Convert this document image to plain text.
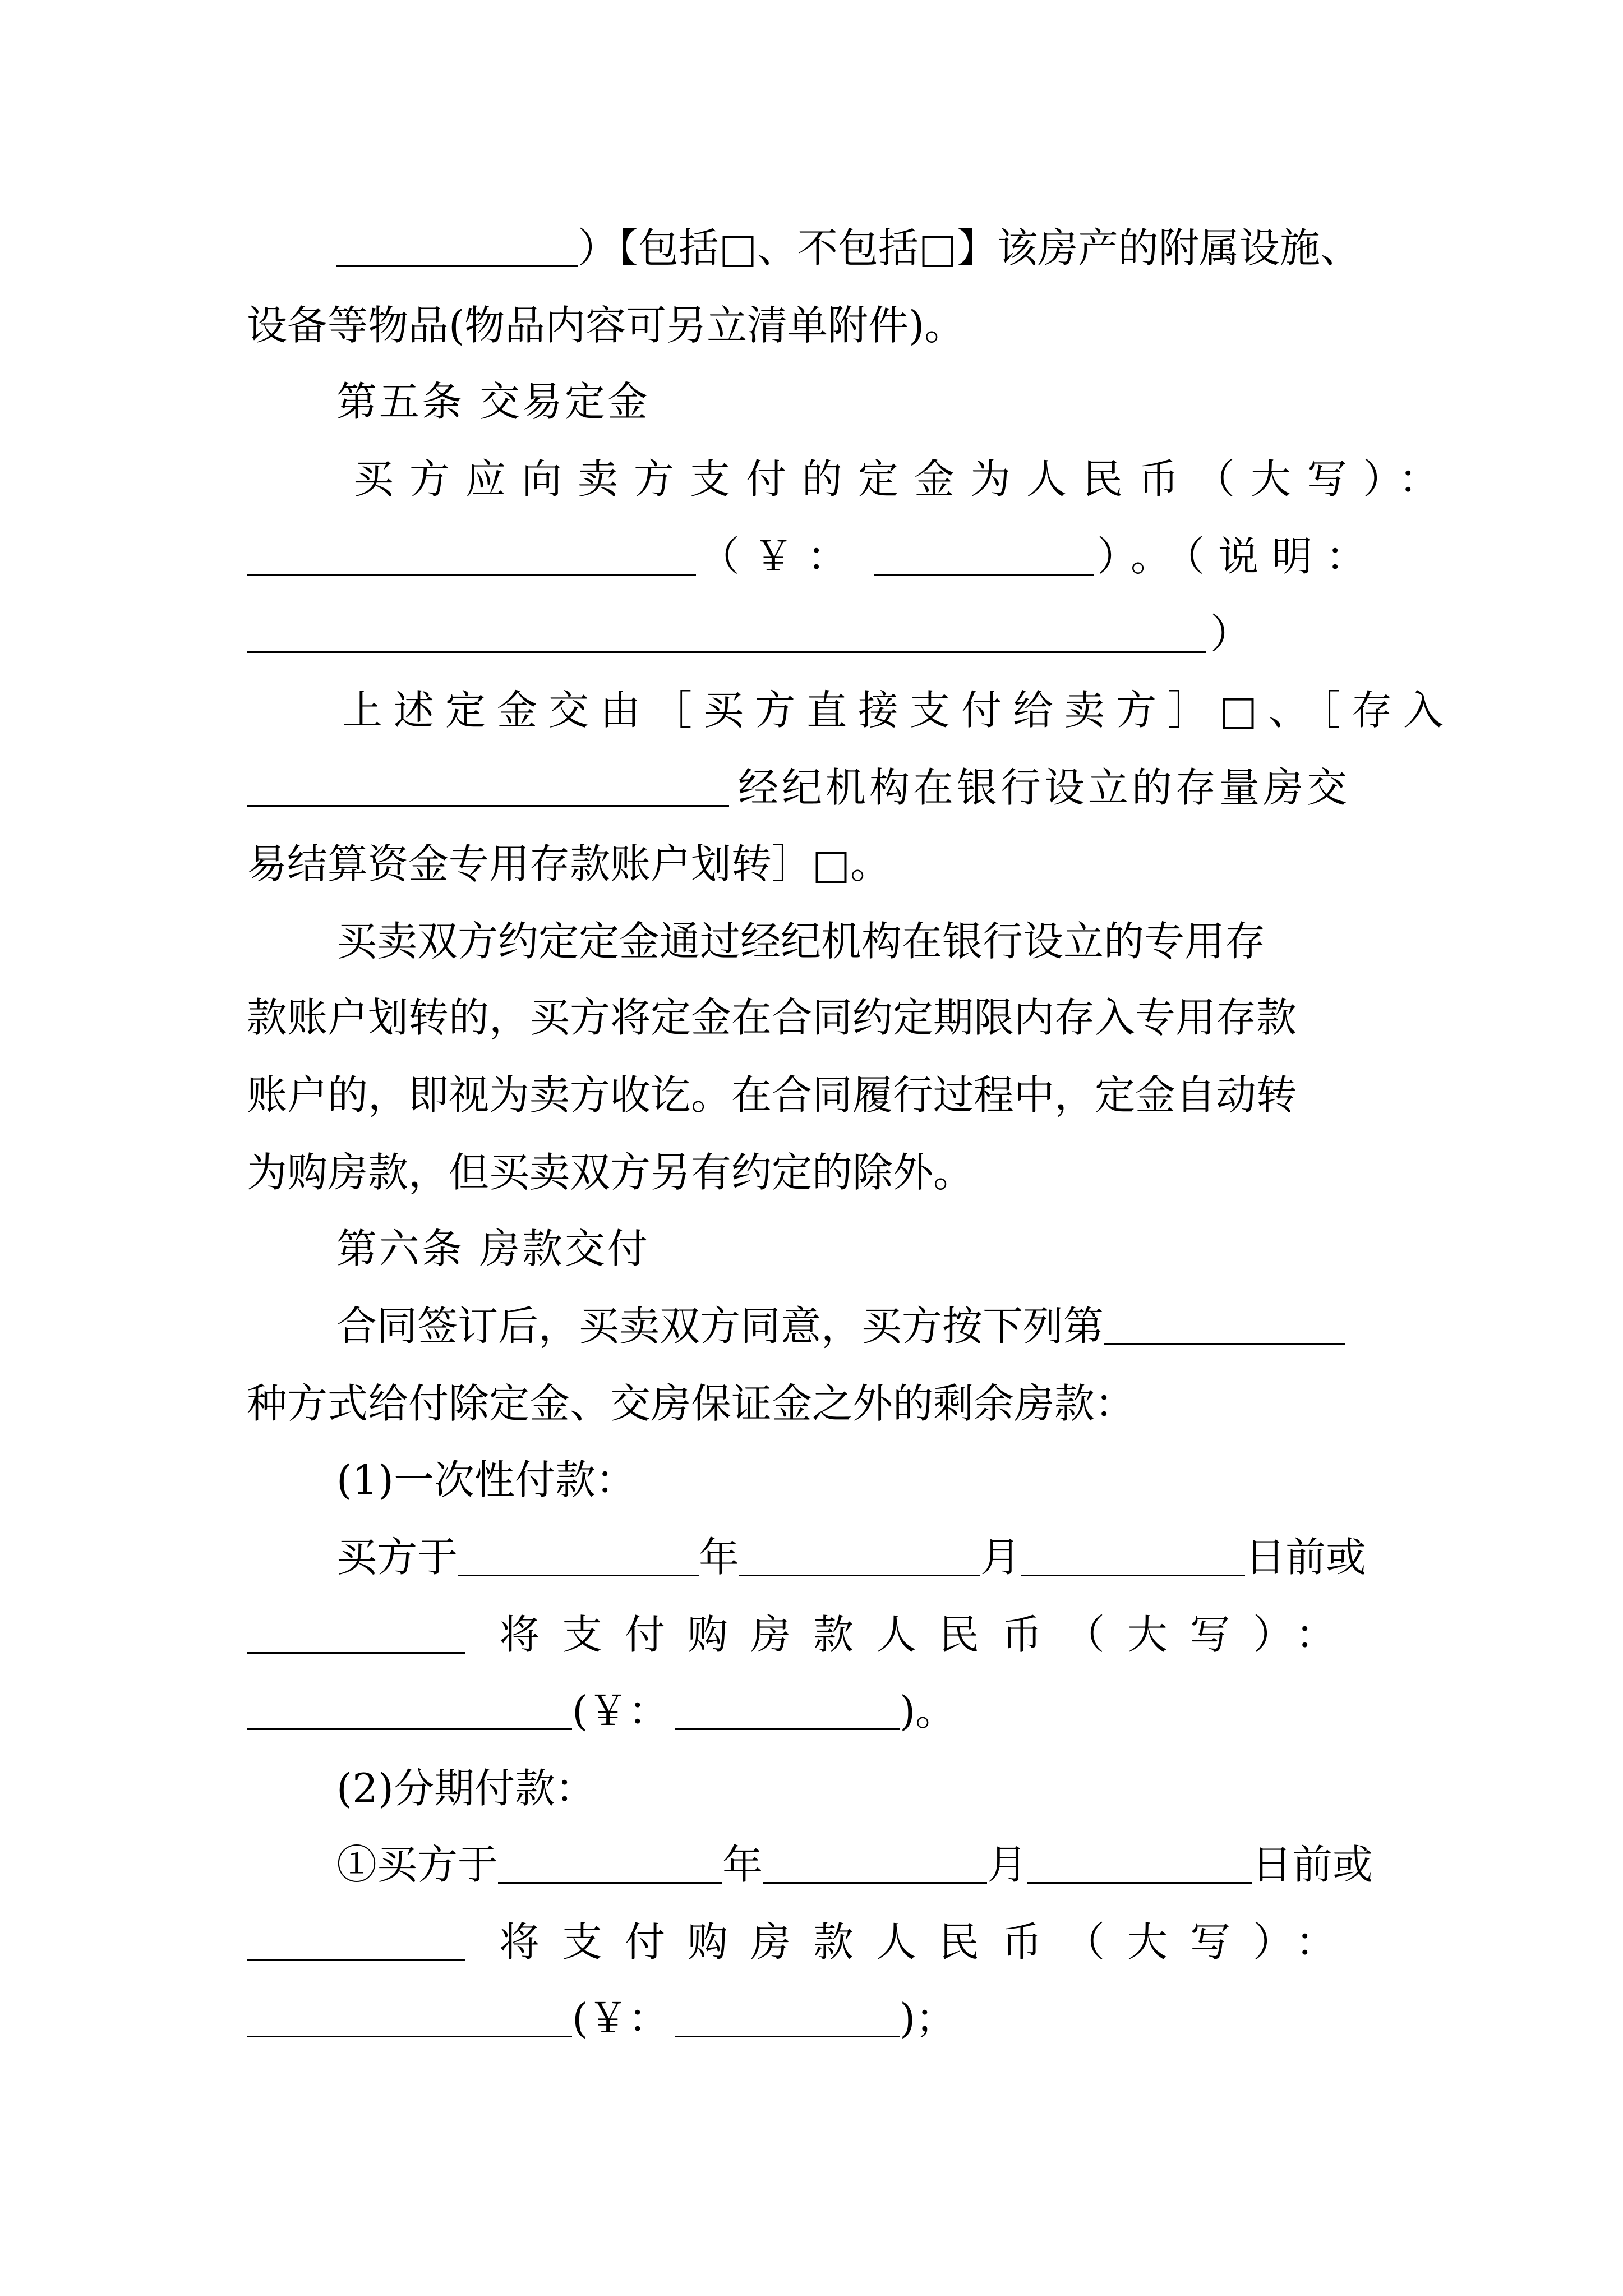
）【包括□、不包括□】该房产的附属设施、
设备等物品(物品内容可另立清单附件)。
第五条 交易定金
买方应向卖方支付的定金为人民币（大写）：
（￥：	）。（说明：
）
上述定金交由［买方直接支付给卖方］□、［存入
经纪机构在银行设立的存量房交
易结算资金专用存款账户划转］□。
买卖双方约定定金通过经纪机构在银行设立的专用存
款账户划转的，买方将定金在合同约定期限内存入专用存款
账户的，即视为卖方收讫。在合同履行过程中，定金自动转
为购房款，但买卖双方另有约定的除外。
第六条 房款交付
合同签订后，买卖双方同意，买方按下列第
种方式给付除定金、交房保证金之外的剩余房款：
(1)一次性付款：
买方于	年	月	日前或
将支付购房款人民币（大写）：
(￥：	)。
(2)分期付款：
①买方于	年	月	日前或
将支付购房款人民币（大写）：
(￥：	)；
